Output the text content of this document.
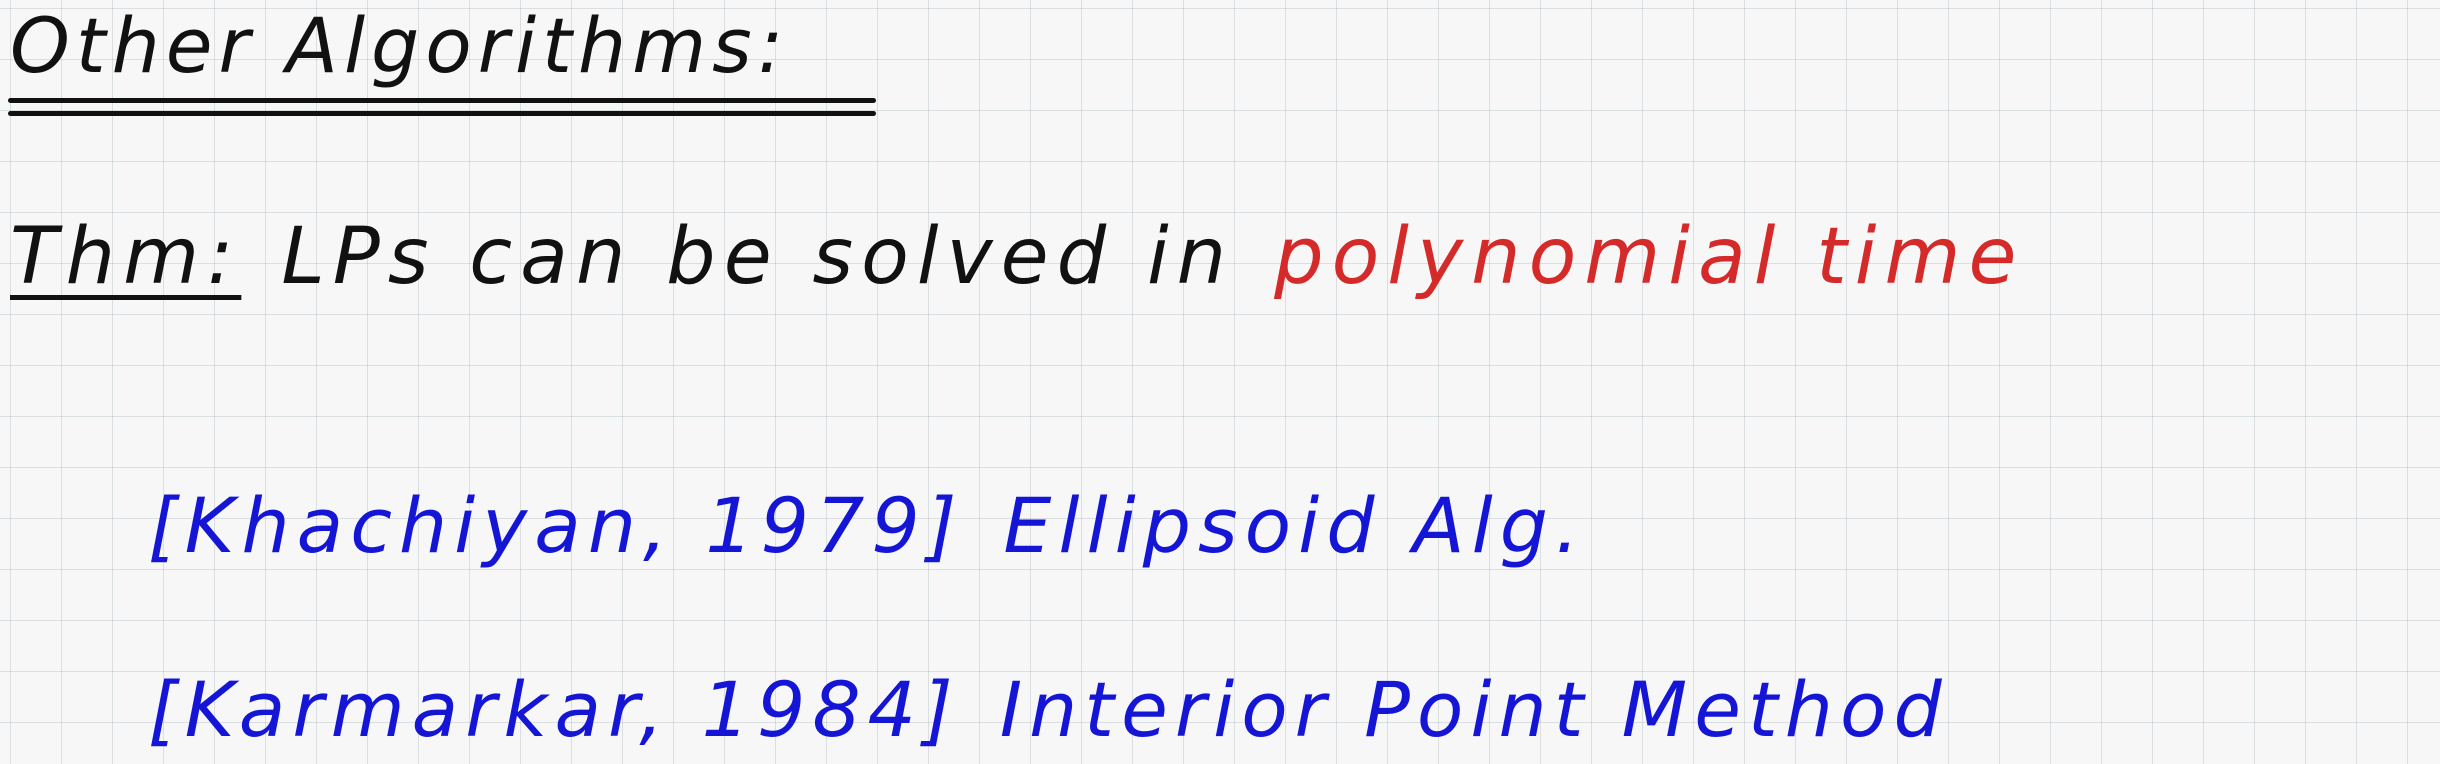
Other Algorithms:
Thm: LPs can be solved in polynomial time
[Khachiyan, 1979] Ellipsoid Alg.
[Karmarkar, 1984] Interior Point Method
